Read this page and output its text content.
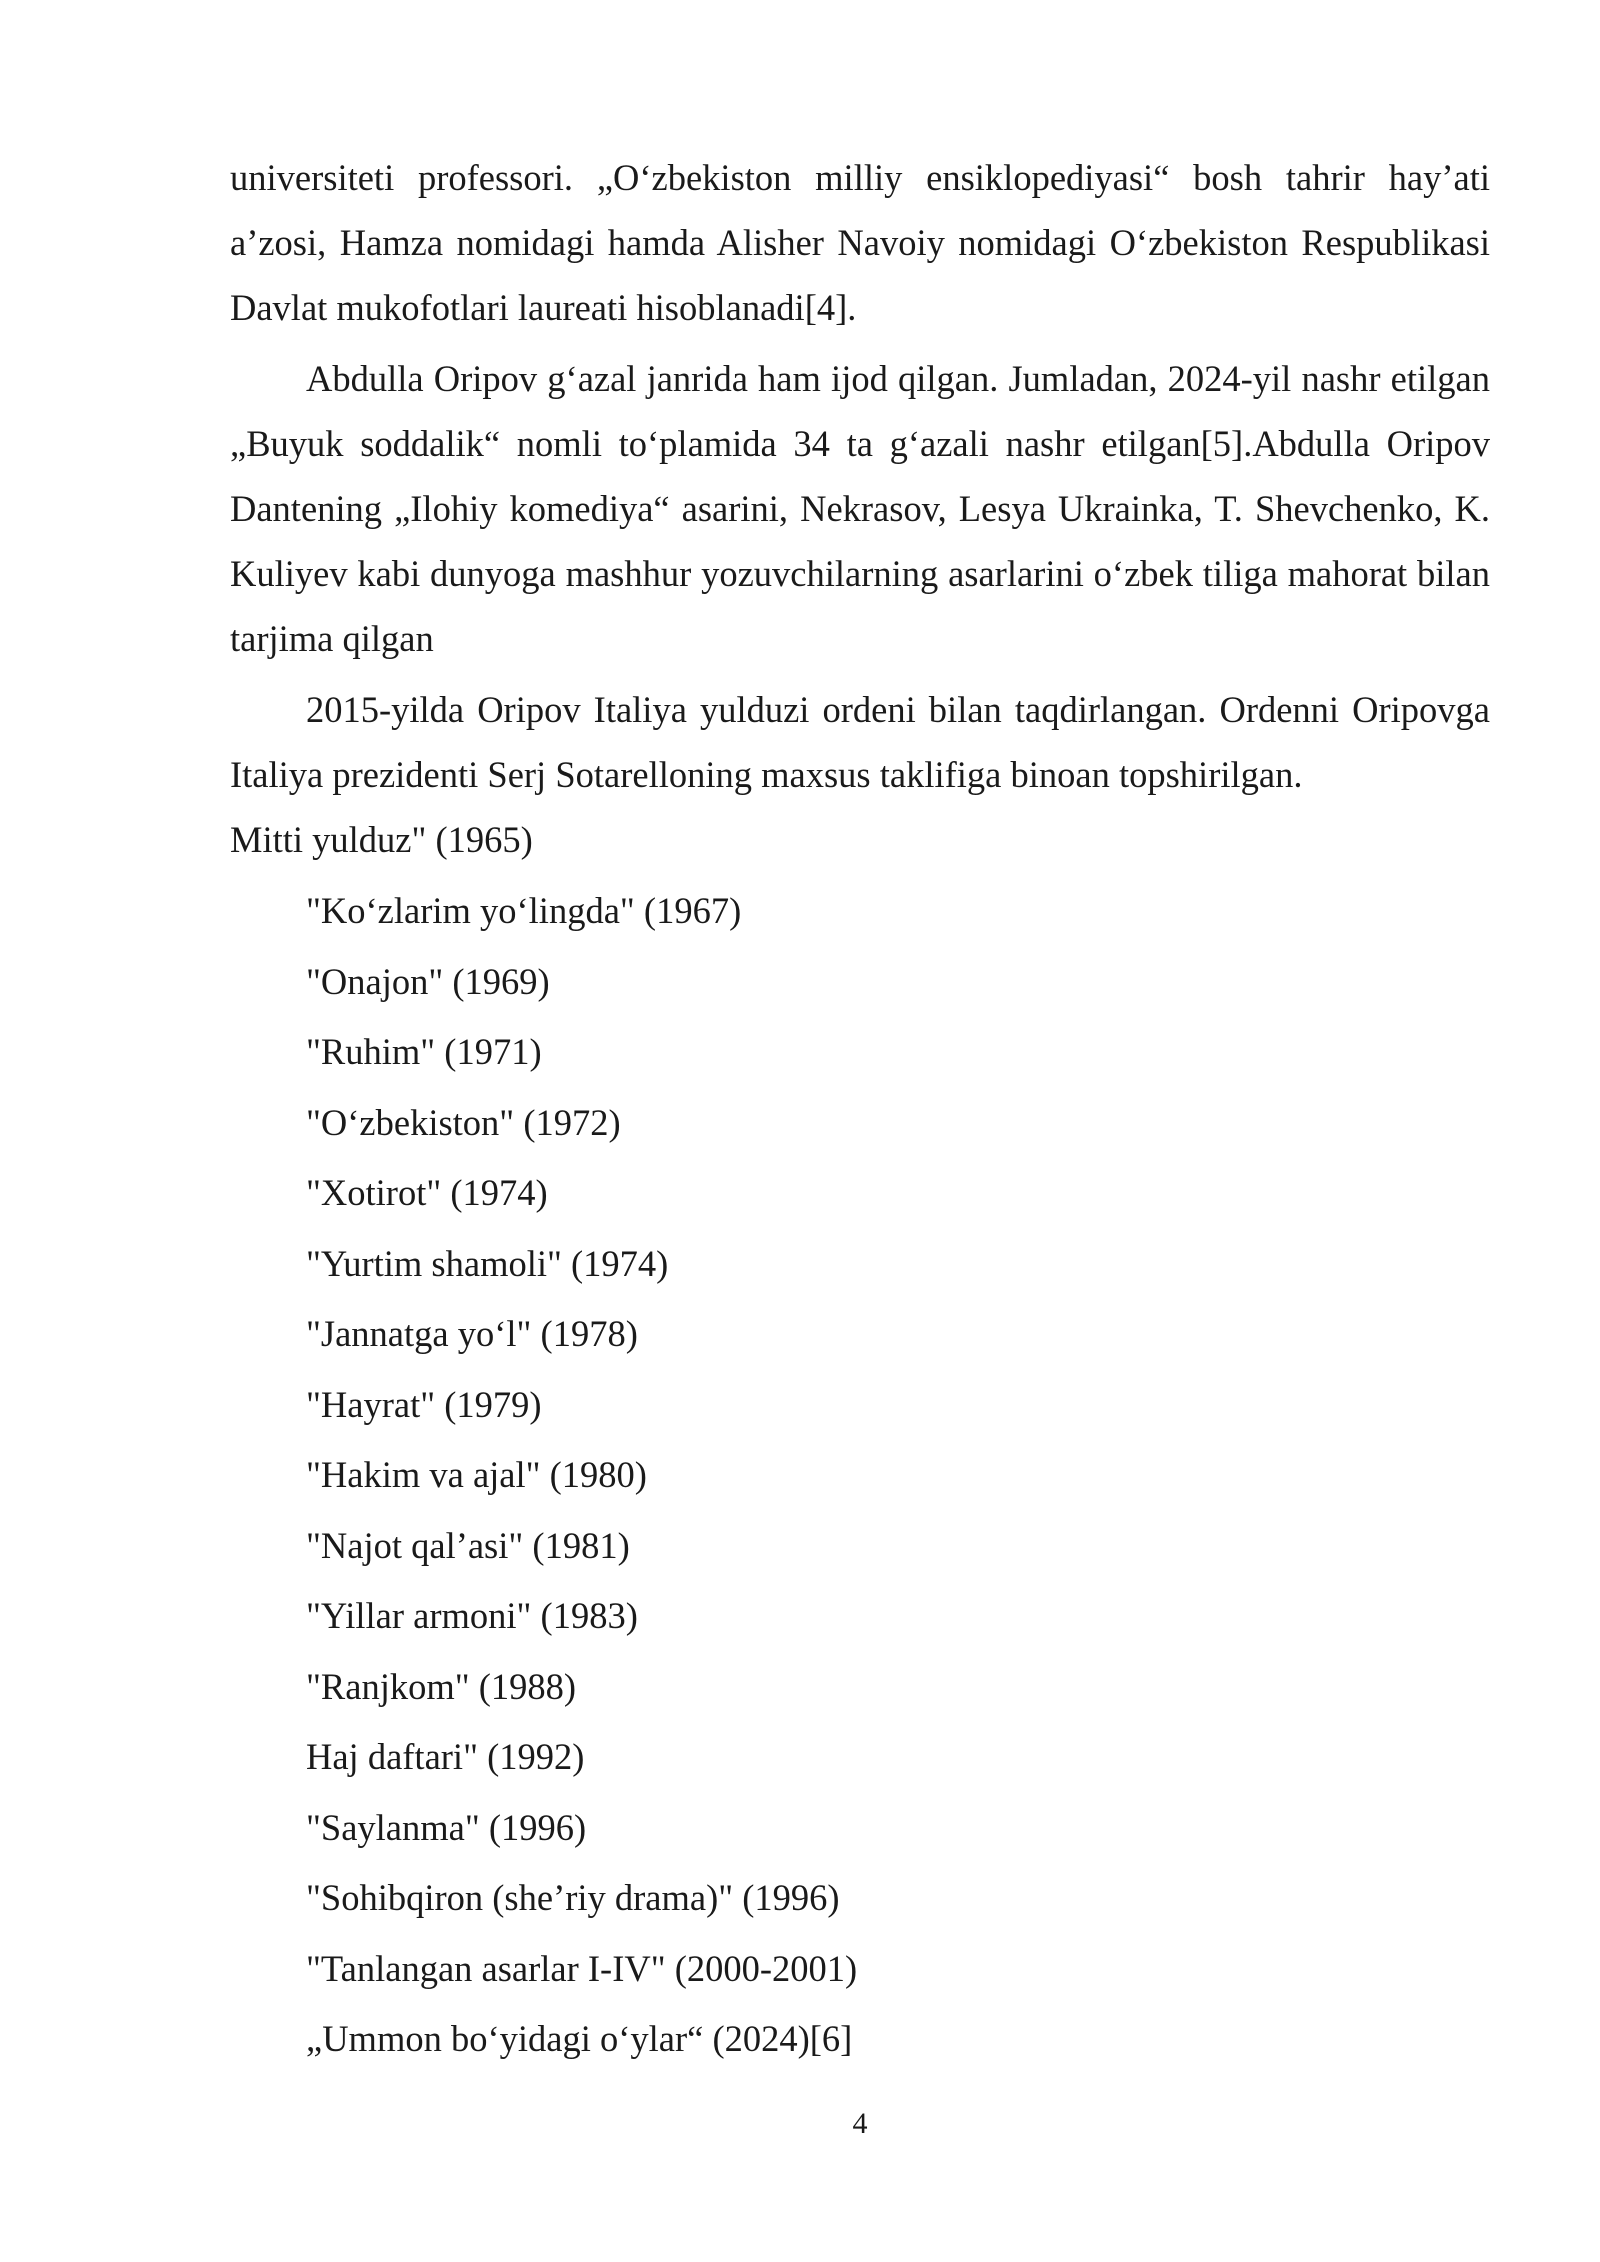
universiteti professori. „O‘zbekiston milliy ensiklopediyasi“ bosh tahrir hay’ati a’zosi, Hamza nomidagi hamda Alisher Navoiy nomidagi O‘zbekiston Respublikasi Davlat mukofotlari laureati hisoblanadi[4].

Abdulla Oripov g‘azal janrida ham ijod qilgan. Jumladan, 2024-yil nashr etilgan „Buyuk soddalik“ nomli to‘plamida 34 ta g‘azali nashr etilgan[5].Abdulla Oripov Dantening „Ilohiy komediya“ asarini, Nekrasov, Lesya Ukrainka, T. Shevchenko, K. Kuliyev kabi dunyoga mashhur yozuvchilarning asarlarini o‘zbek tiliga mahorat bilan tarjima qilgan

2015-yilda Oripov Italiya yulduzi ordeni bilan taqdirlangan. Ordenni Oripovga Italiya prezidenti Serj Sotarelloning maxsus taklifiga binoan topshirilgan.

Mitti yulduz" (1965)

"Ko‘zlarim yo‘lingda" (1967)
"Onajon" (1969)
"Ruhim" (1971)
"O‘zbekiston" (1972)
"Xotirot" (1974)
"Yurtim shamoli" (1974)
"Jannatga yo‘l" (1978)
"Hayrat" (1979)
"Hakim va ajal" (1980)
"Najot qal’asi" (1981)
"Yillar armoni" (1983)
"Ranjkom" (1988)
Haj daftari" (1992)
"Saylanma" (1996)
"Sohibqiron (she’riy drama)" (1996)
"Tanlangan asarlar I-IV" (2000-2001)
„Ummon bo‘yidagi o‘ylar“ (2024)[6]
4
